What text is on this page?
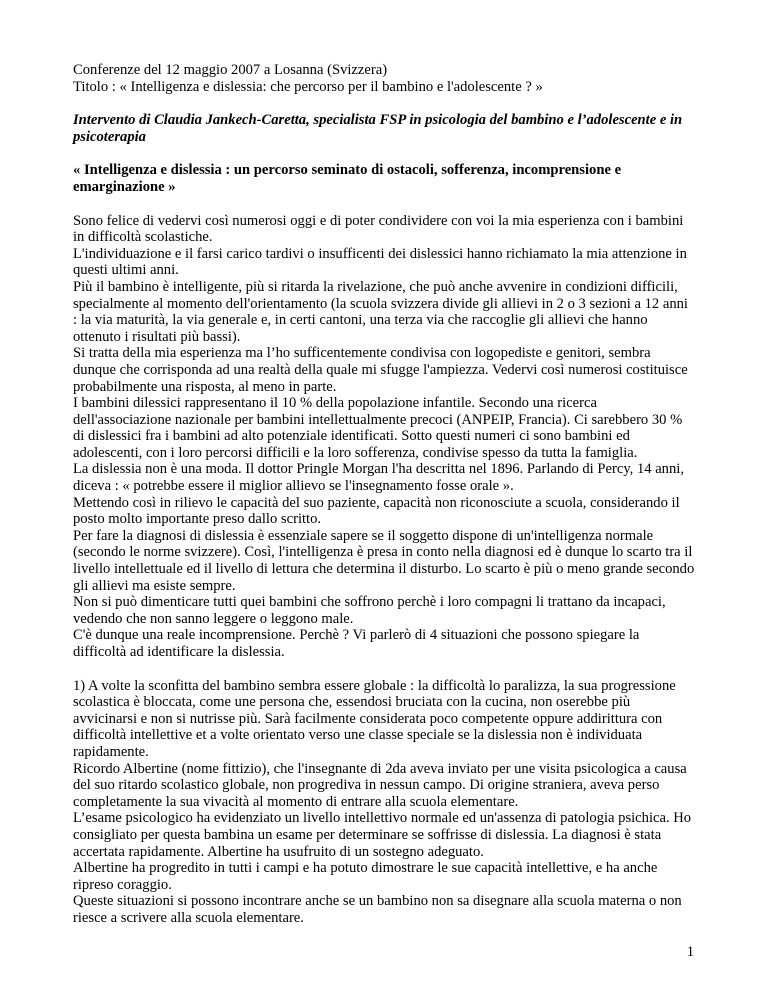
Conferenze del 12 maggio 2007 a Losanna (Svizzera)

Titolo : « Intelligenza e dislessia: che percorso per il bambino e l'adolescente ? »

Intervento di Claudia Jankech-Caretta, specialista FSP in psicologia del bambino e l’adolescente e in psicoterapia

« Intelligenza e dislessia : un percorso seminato di ostacoli, sofferenza, incomprensione e emarginazione »

Sono felice di vedervi così numerosi oggi e di poter condividere con voi la mia esperienza con i bambini in difficoltà scolastiche.

L'individuazione e il farsi carico tardivi o insufficenti dei dislessici hanno richiamato la mia attenzione in questi ultimi anni.

Più il bambino è intelligente, più si ritarda la rivelazione, che può anche avvenire in condizioni difficili, specialmente al momento dell'orientamento (la scuola svizzera divide gli allievi in 2 o 3 sezioni a 12 anni : la via maturità, la via generale e, in certi cantoni, una terza via che raccoglie gli allievi che hanno ottenuto i risultati più bassi).

Si tratta della mia esperienza ma l’ho sufficentemente condivisa con logopediste e genitori, sembra dunque che corrisponda ad una realtà della quale mi sfugge l'ampiezza. Vedervi così numerosi costituisce probabilmente una risposta, al meno in parte.

I bambini dilessici rappresentano il 10 % della popolazione infantile. Secondo una ricerca dell'associazione nazionale per bambini intellettualmente precoci (ANPEIP, Francia). Ci sarebbero 30 % di dislessici fra i bambini ad alto potenziale identificati. Sotto questi numeri ci sono bambini ed adolescenti, con i loro percorsi difficili e la loro sofferenza, condivise spesso da tutta la famiglia.

La dislessia non è una moda. Il dottor Pringle Morgan l'ha descritta nel 1896. Parlando di Percy, 14 anni, diceva : « potrebbe essere il miglior allievo se l'insegnamento fosse orale ».

Mettendo così in rilievo le capacità del suo paziente, capacità non riconosciute a scuola, considerando il posto molto importante preso dallo scritto.

Per fare la diagnosi di dislessia è essenziale sapere se il soggetto dispone di un'intelligenza normale (secondo le norme svizzere). Così, l'intelligenza è presa in conto nella diagnosi ed è dunque lo scarto tra il livello intellettuale ed il livello di lettura che determina il disturbo. Lo scarto è più o meno grande secondo gli allievi ma esiste sempre.

Non si può dimenticare tutti quei bambini che soffrono perchè i loro compagni li trattano da incapaci, vedendo che non sanno leggere o leggono male.

C'è dunque una reale incomprensione. Perchè ? Vi parlerò di 4 situazioni che possono spiegare la difficoltà ad identificare la dislessia.

1) A volte la sconfitta del bambino sembra essere globale : la difficoltà lo paralizza, la sua progressione scolastica è bloccata, come une persona che, essendosi bruciata con la cucina, non oserebbe più avvicinarsi e non si nutrisse più. Sarà facilmente considerata poco competente oppure addirittura con difficoltà intellettive et a volte orientato verso une classe speciale se la dislessia non è individuata rapidamente.

Ricordo Albertine (nome fittizio), che l'insegnante di 2da aveva inviato per une visita psicologica a causa del suo ritardo scolastico globale, non progrediva in nessun campo. Di origine straniera, aveva perso completamente la sua vivacità al momento di entrare alla scuola elementare.

L’esame psicologico ha evidenziato un livello intellettivo normale ed un'assenza di patologia psichica. Ho consigliato per questa bambina un esame per determinare se soffrisse di dislessia. La diagnosi è stata accertata rapidamente. Albertine ha usufruito di un sostegno adeguato.

Albertine ha progredito in tutti i campi e ha potuto dimostrare le sue capacità intellettive, e ha anche ripreso coraggio.

Queste situazioni si possono incontrare anche se un bambino non sa disegnare alla scuola materna o non riesce a scrivere alla scuola elementare.

1
